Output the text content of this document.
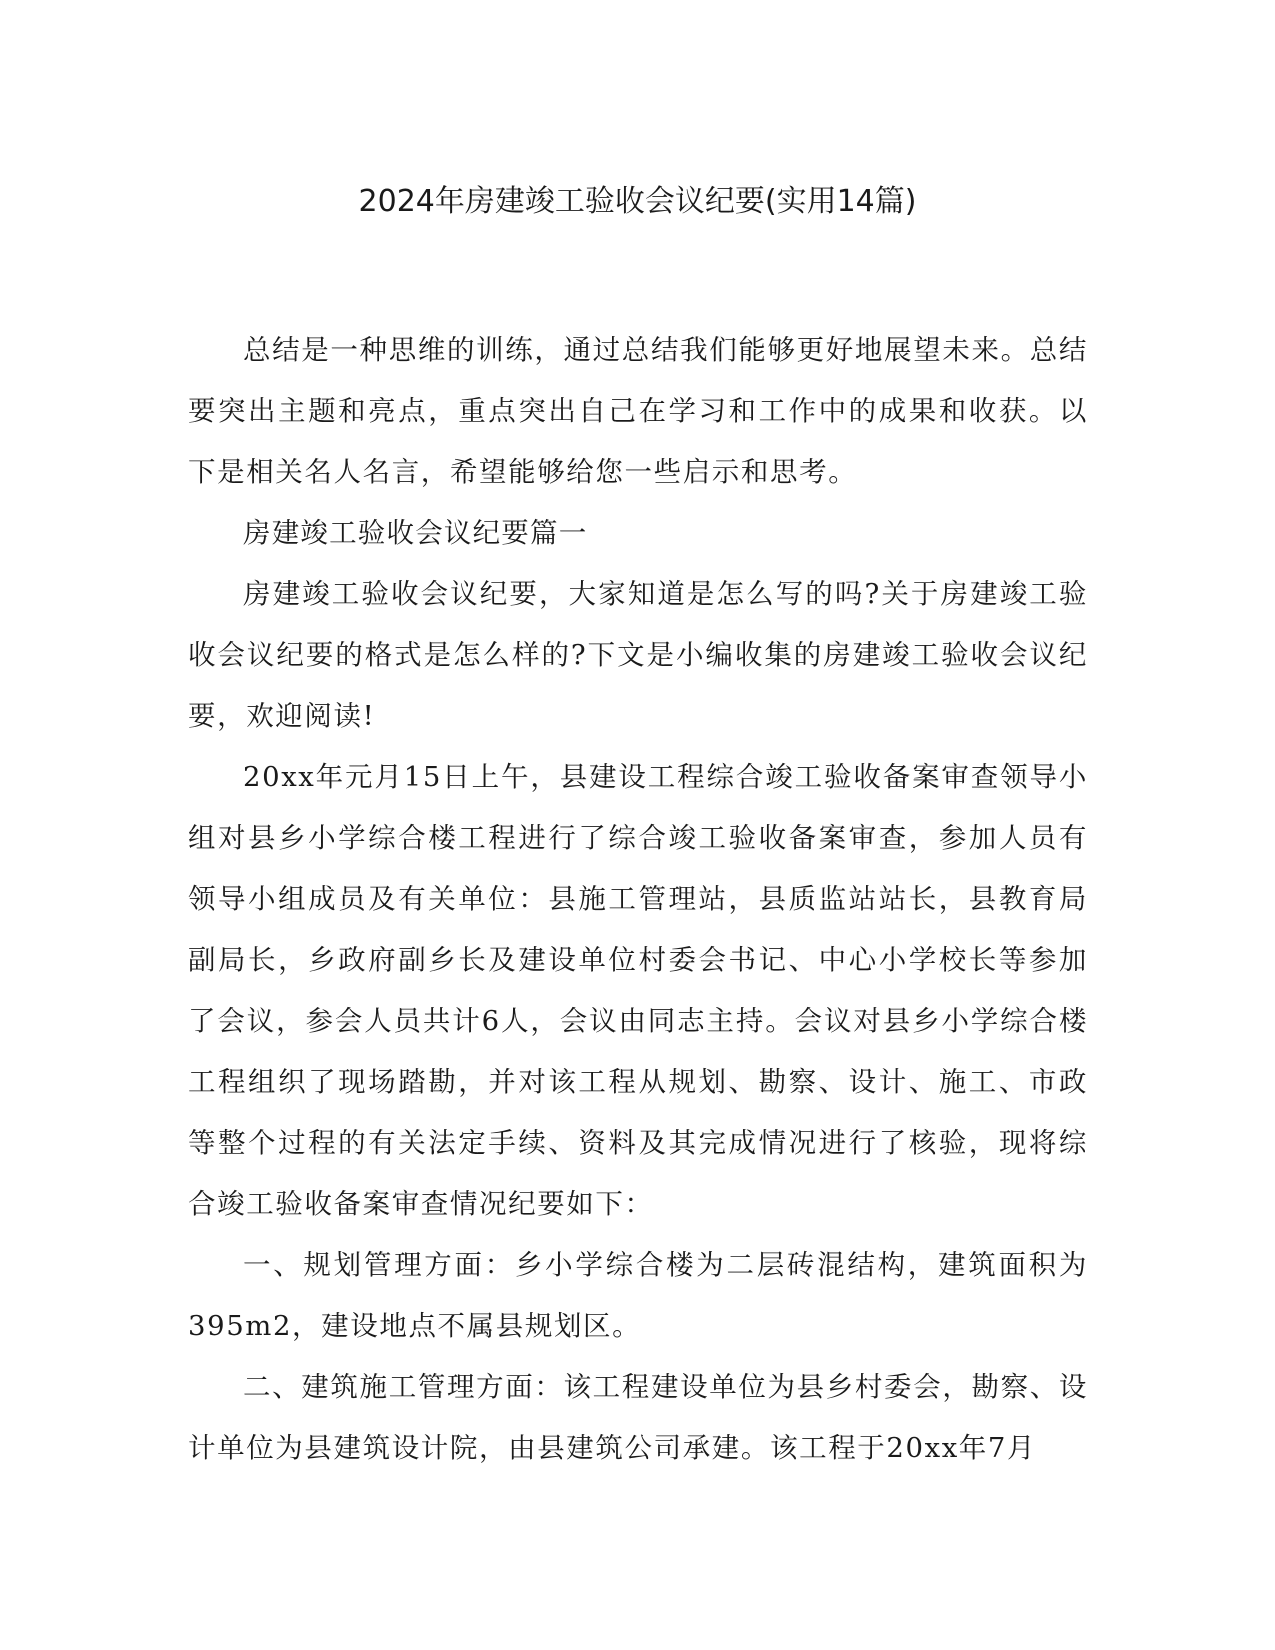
2024年房建竣工验收会议纪要(实用14篇)

总结是一种思维的训练，通过总结我们能够更好地展望未来。总结要突出主题和亮点，重点突出自己在学习和工作中的成果和收获。以下是相关名人名言，希望能够给您一些启示和思考。

房建竣工验收会议纪要篇一

房建竣工验收会议纪要，大家知道是怎么写的吗?关于房建竣工验收会议纪要的格式是怎么样的?下文是小编收集的房建竣工验收会议纪要，欢迎阅读!

20xx年元月15日上午，县建设工程综合竣工验收备案审查领导小组对县乡小学综合楼工程进行了综合竣工验收备案审查，参加人员有领导小组成员及有关单位：县施工管理站，县质监站站长，县教育局副局长，乡政府副乡长及建设单位村委会书记、中心小学校长等参加了会议，参会人员共计6人，会议由同志主持。会议对县乡小学综合楼工程组织了现场踏勘，并对该工程从规划、勘察、设计、施工、市政等整个过程的有关法定手续、资料及其完成情况进行了核验，现将综合竣工验收备案审查情况纪要如下：

一、规划管理方面：乡小学综合楼为二层砖混结构，建筑面积为395m2，建设地点不属县规划区。

二、建筑施工管理方面：该工程建设单位为县乡村委会，勘察、设计单位为县建筑设计院，由县建筑公司承建。该工程于20xx年7月
